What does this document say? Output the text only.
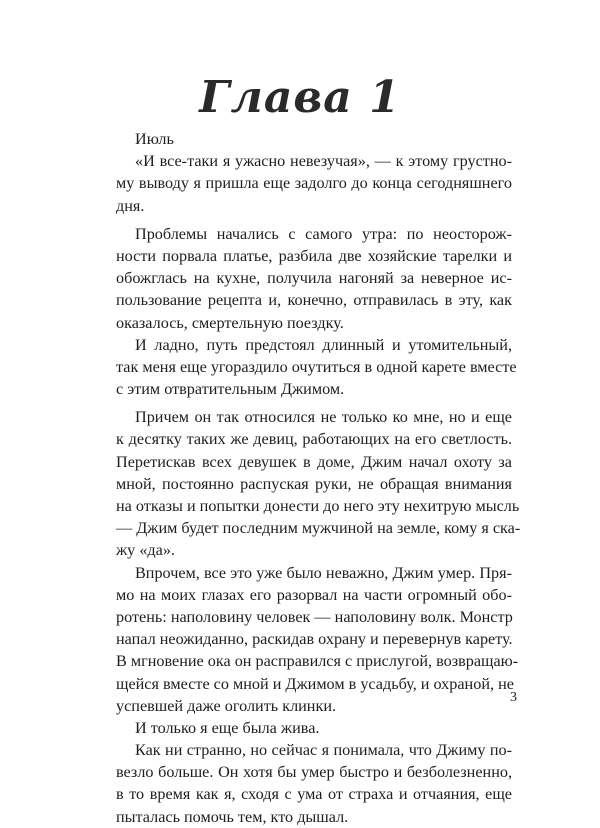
Глава 1
Июль
«И все-таки я ужасно невезучая», — к этому грустно-
му выводу я пришла еще задолго до конца сегодняшнего
дня.
Проблемы начались с самого утра: по неосторож-
ности порвала платье, разбила две хозяйские тарелки и
обожглась на кухне, получила нагоняй за неверное ис-
пользование рецепта и, конечно, отправилась в эту, как
оказалось, смертельную поездку.
И ладно, путь предстоял длинный и утомительный,
так меня еще угораздило очутиться в одной карете вместе
с этим отвратительным Джимом.
Причем он так относился не только ко мне, но и еще
к десятку таких же девиц, работающих на его светлость.
Перетискав всех девушек в доме, Джим начал охоту за
мной, постоянно распуская руки, не обращая внимания
на отказы и попытки донести до него эту нехитрую мысль
— Джим будет последним мужчиной на земле, кому я ска-
жу «да».
Впрочем, все это уже было неважно, Джим умер. Пря-
мо на моих глазах его разорвал на части огромный обо-
ротень: наполовину человек — наполовину волк. Монстр
напал неожиданно, раскидав охрану и перевернув карету.
В мгновение ока он расправился с прислугой, возвращаю-
щейся вместе со мной и Джимом в усадьбу, и охраной, не
успевшей даже оголить клинки.
И только я еще была жива.
Как ни странно, но сейчас я понимала, что Джиму по-
везло больше. Он хотя бы умер быстро и безболезненно,
в то время как я, сходя с ума от страха и отчаяния, еще
пыталась помочь тем, кто дышал.
3
